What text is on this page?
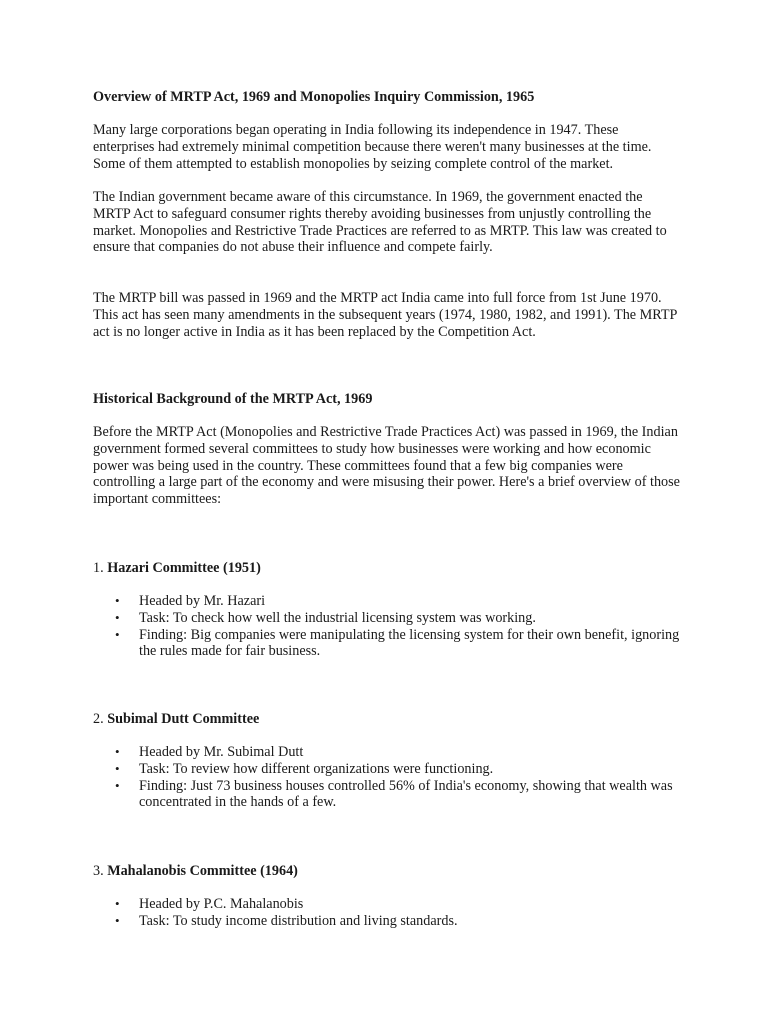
Overview of MRTP Act, 1969 and Monopolies Inquiry Commission, 1965

Many large corporations began operating in India following its independence in 1947. These enterprises had extremely minimal competition because there weren't many businesses at the time. Some of them attempted to establish monopolies by seizing complete control of the market.

The Indian government became aware of this circumstance. In 1969, the government enacted the MRTP Act to safeguard consumer rights thereby avoiding businesses from unjustly controlling the market. Monopolies and Restrictive Trade Practices are referred to as MRTP. This law was created to ensure that companies do not abuse their influence and compete fairly.

The MRTP bill was passed in 1969 and the MRTP act India came into full force from 1st June 1970. This act has seen many amendments in the subsequent years (1974, 1980, 1982, and 1991). The MRTP act is no longer active in India as it has been replaced by the Competition Act.

Historical Background of the MRTP Act, 1969

Before the MRTP Act (Monopolies and Restrictive Trade Practices Act) was passed in 1969, the Indian government formed several committees to study how businesses were working and how economic power was being used in the country. These committees found that a few big companies were controlling a large part of the economy and were misusing their power. Here's a brief overview of those important committees:

1. Hazari Committee (1951)

• Headed by Mr. Hazari
• Task: To check how well the industrial licensing system was working.
• Finding: Big companies were manipulating the licensing system for their own benefit, ignoring the rules made for fair business.

2. Subimal Dutt Committee

• Headed by Mr. Subimal Dutt
• Task: To review how different organizations were functioning.
• Finding: Just 73 business houses controlled 56% of India's economy, showing that wealth was concentrated in the hands of a few.

3. Mahalanobis Committee (1964)

• Headed by P.C. Mahalanobis
• Task: To study income distribution and living standards.
